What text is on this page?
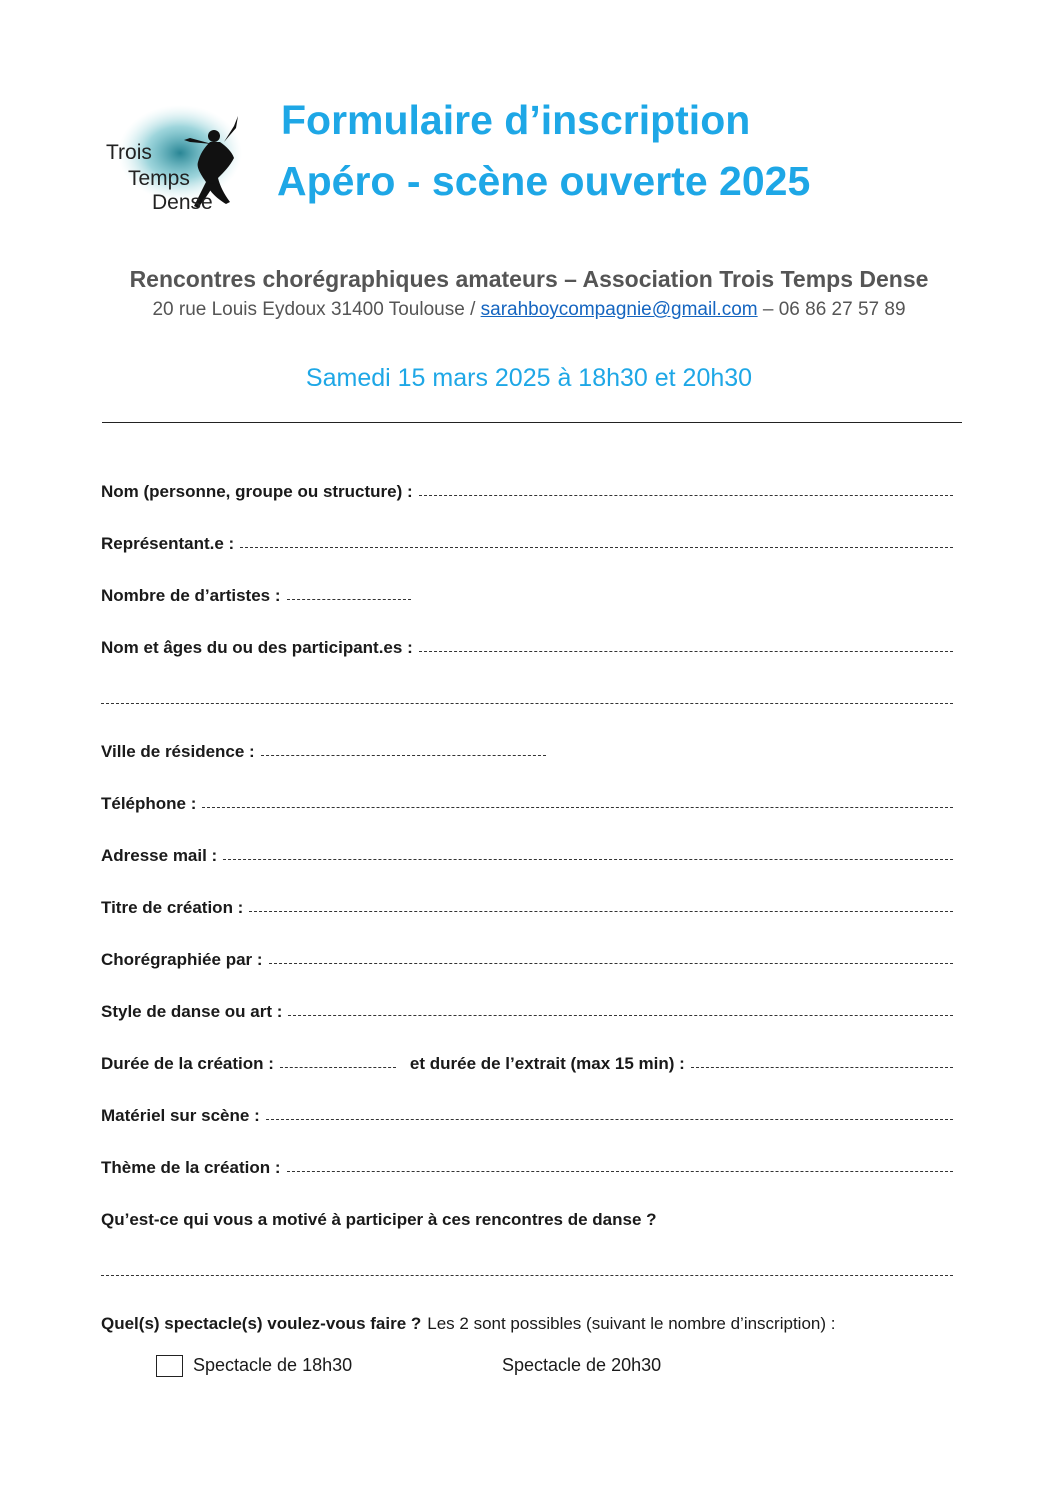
Trois
Temps
Dense
Formulaire d’inscription
Apéro - scène ouverte 2025
Rencontres chorégraphiques amateurs – Association Trois Temps Dense
20 rue Louis Eydoux 31400 Toulouse / sarahboycompagnie@gmail.com – 06 86 27 57 89
Samedi 15 mars 2025 à 18h30 et 20h30
Nom (personne, groupe ou structure) :
Représentant.e :
Nombre de d’artistes :
Nom et âges du ou des participant.es :
Ville de résidence :
Téléphone :
Adresse mail :
Titre de création :
Chorégraphiée par :
Style de danse ou art :
Durée de la création :	et durée de l’extrait (max 15 min) :
Matériel sur scène :
Thème de la création :
Qu’est-ce qui vous a motivé à participer à ces rencontres de danse ?
Quel(s) spectacle(s) voulez-vous faire ? Les 2 sont possibles (suivant le nombre d’inscription) :
Spectacle de 18h30	Spectacle de 20h30
